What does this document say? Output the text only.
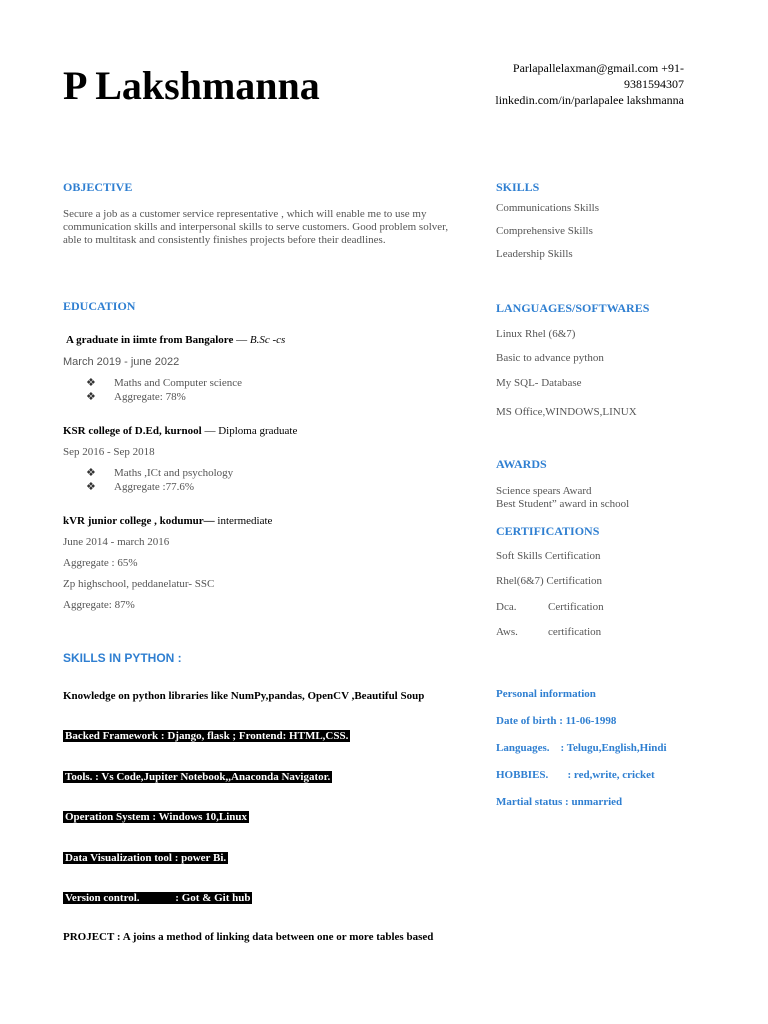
P Lakshmanna	Parlapallelaxman@gmail.com +91-
9381594307
linkedin.com/in/parlapalee lakshmanna
OBJECTIVE
Secure a job as a customer service representative , which will enable me to use my communication skills and interpersonal skills to serve customers. Good problem solver, able to multitask and consistently finishes projects before their deadlines.
EDUCATION
A graduate in iimte from Bangalore — B.Sc -cs
March 2019 - june 2022
❖ Maths and Computer science
❖ Aggregate: 78%
KSR college of D.Ed, kurnool — Diploma graduate
Sep 2016 - Sep 2018
❖ Maths ,ICt and psychology
❖ Aggregate :77.6%
kVR junior college , kodumur— intermediate
June 2014 - march 2016
Aggregate : 65%
Zp highschool, peddanelatur- SSC
Aggregate: 87%
SKILLS IN PYTHON :
Knowledge on python libraries like NumPy,pandas, OpenCV ,Beautiful Soup
Backed Framework : Django, flask ; Frontend: HTML,CSS.
Tools. : Vs Code,Jupiter Notebook,,Anaconda Navigator.
Operation System : Windows 10,Linux
Data Visualization tool : power Bi.
Version control.             : Got & Git hub
PROJECT : A joins a method of linking data between one or more tables based
SKILLS
Communications Skills
Comprehensive Skills
Leadership Skills
LANGUAGES/SOFTWARES
Linux Rhel (6&7)
Basic to advance python
My SQL- Database
MS Office,WINDOWS,LINUX
AWARDS
Science spears Award
Best Student” award in school
CERTIFICATIONS
Soft Skills Certification
Rhel(6&7) Certification
Dca.	Certification
Aws.	certification
Personal information
Date of birth : 11-06-1998
Languages.    : Telugu,English,Hindi
HOBBIES.       : red,write, cricket
Martial status : unmarried
